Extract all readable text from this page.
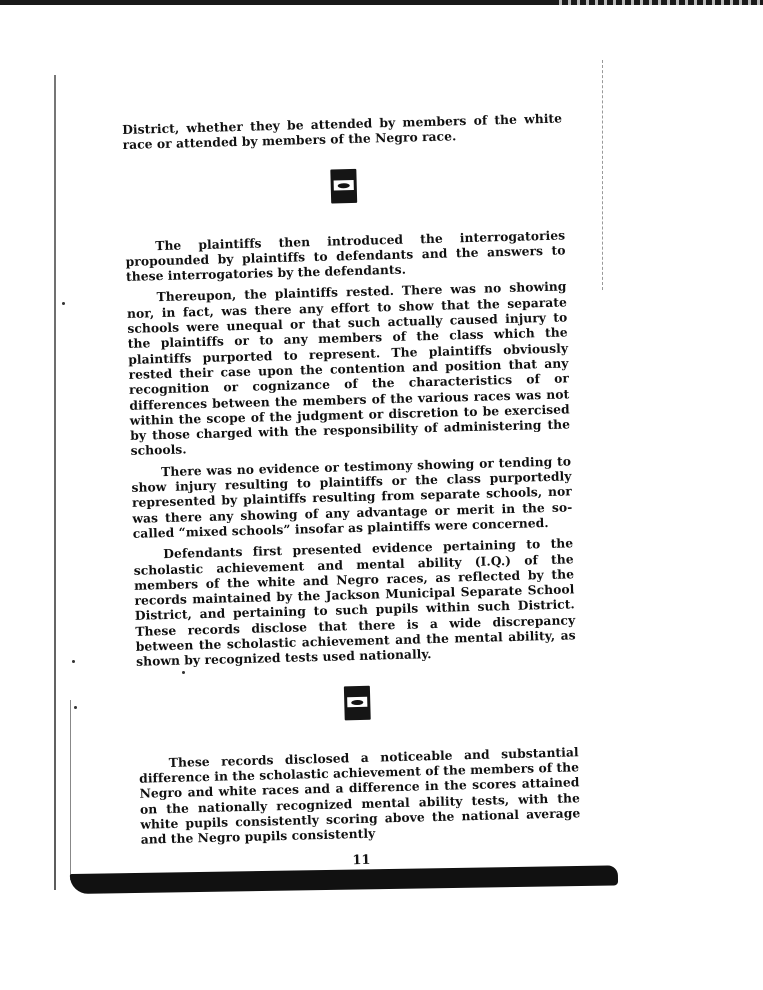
District, whether they be attended by members of the white race or attended by members of the Negro race.

The plaintiffs then introduced the interrogatories propounded by plaintiffs to defendants and the answers to these interrogatories by the defendants.

Thereupon, the plaintiffs rested. There was no showing nor, in fact, was there any effort to show that the separate schools were unequal or that such actually caused injury to the plaintiffs or to any members of the class which the plaintiffs purported to represent. The plaintiffs obviously rested their case upon the contention and position that any recognition or cognizance of the characteristics of or differences between the members of the various races was not within the scope of the judgment or discretion to be exercised by those charged with the responsibility of administering the schools.

There was no evidence or testimony showing or tending to show injury resulting to plaintiffs or the class purportedly represented by plaintiffs resulting from separate schools, nor was there any showing of any advantage or merit in the so-called “mixed schools” insofar as plaintiffs were concerned.

Defendants first presented evidence pertaining to the scholastic achievement and mental ability (I.Q.) of the members of the white and Negro races, as reflected by the records maintained by the Jackson Municipal Separate School District, and pertaining to such pupils within such District. These records disclose that there is a wide discrepancy between the scholastic achievement and the mental ability, as shown by recognized tests used nationally.

These records disclosed a noticeable and substantial difference in the scholastic achievement of the members of the Negro and white races and a difference in the scores attained on the nationally recognized mental ability tests, with the white pupils consistently scoring above the national average and the Negro pupils consistently

11
